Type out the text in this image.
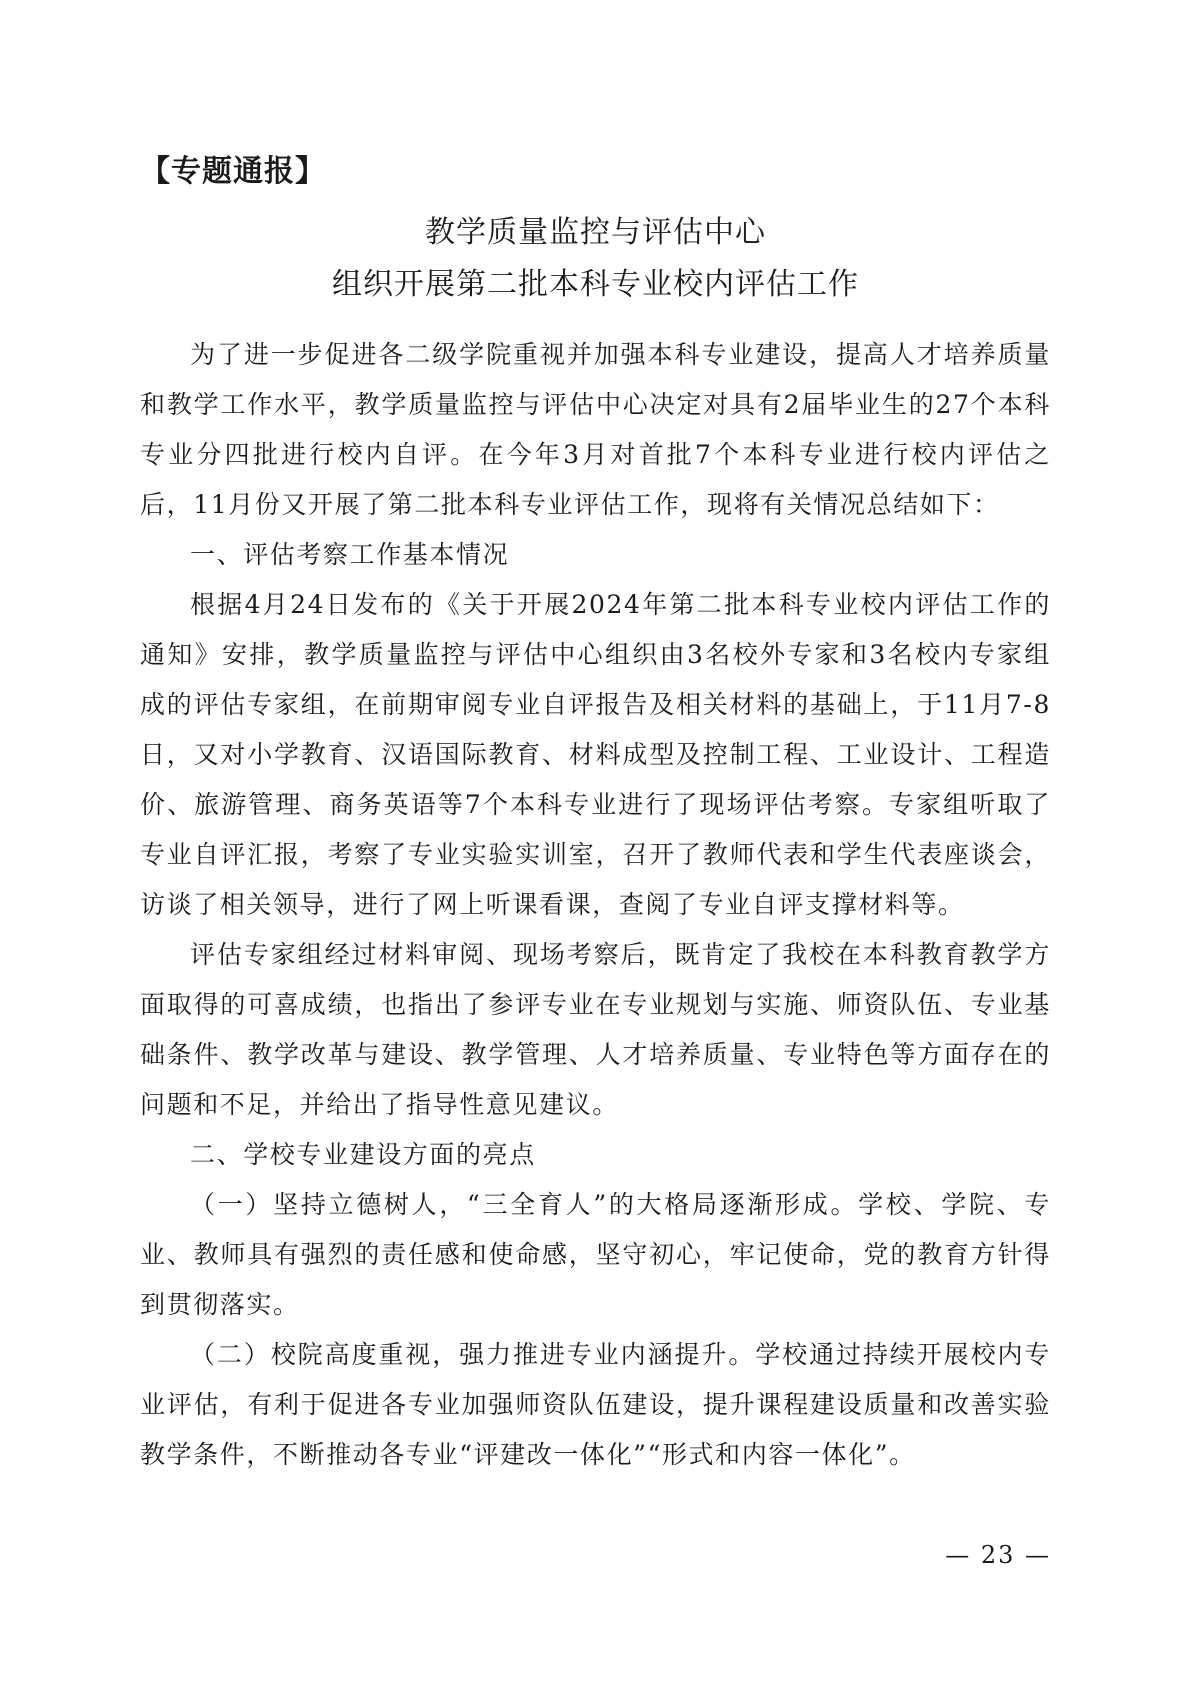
【专题通报】
教学质量监控与评估中心
组织开展第二批本科专业校内评估工作

为了进一步促进各二级学院重视并加强本科专业建设，提高人才培养质量和教学工作水平，教学质量监控与评估中心决定对具有2届毕业生的27个本科专业分四批进行校内自评。在今年3月对首批7个本科专业进行校内评估之后，11月份又开展了第二批本科专业评估工作，现将有关情况总结如下：

一、评估考察工作基本情况

根据4月24日发布的《关于开展2024年第二批本科专业校内评估工作的通知》安排，教学质量监控与评估中心组织由3名校外专家和3名校内专家组成的评估专家组，在前期审阅专业自评报告及相关材料的基础上，于11月7-8日，又对小学教育、汉语国际教育、材料成型及控制工程、工业设计、工程造价、旅游管理、商务英语等7个本科专业进行了现场评估考察。专家组听取了专业自评汇报，考察了专业实验实训室，召开了教师代表和学生代表座谈会，访谈了相关领导，进行了网上听课看课，查阅了专业自评支撑材料等。

评估专家组经过材料审阅、现场考察后，既肯定了我校在本科教育教学方面取得的可喜成绩，也指出了参评专业在专业规划与实施、师资队伍、专业基础条件、教学改革与建设、教学管理、人才培养质量、专业特色等方面存在的问题和不足，并给出了指导性意见建议。

二、学校专业建设方面的亮点

（一）坚持立德树人，“三全育人”的大格局逐渐形成。学校、学院、专业、教师具有强烈的责任感和使命感，坚守初心，牢记使命，党的教育方针得到贯彻落实。

（二）校院高度重视，强力推进专业内涵提升。学校通过持续开展校内专业评估，有利于促进各专业加强师资队伍建设，提升课程建设质量和改善实验教学条件，不断推动各专业“评建改一体化”“形式和内容一体化”。

— 23 —
